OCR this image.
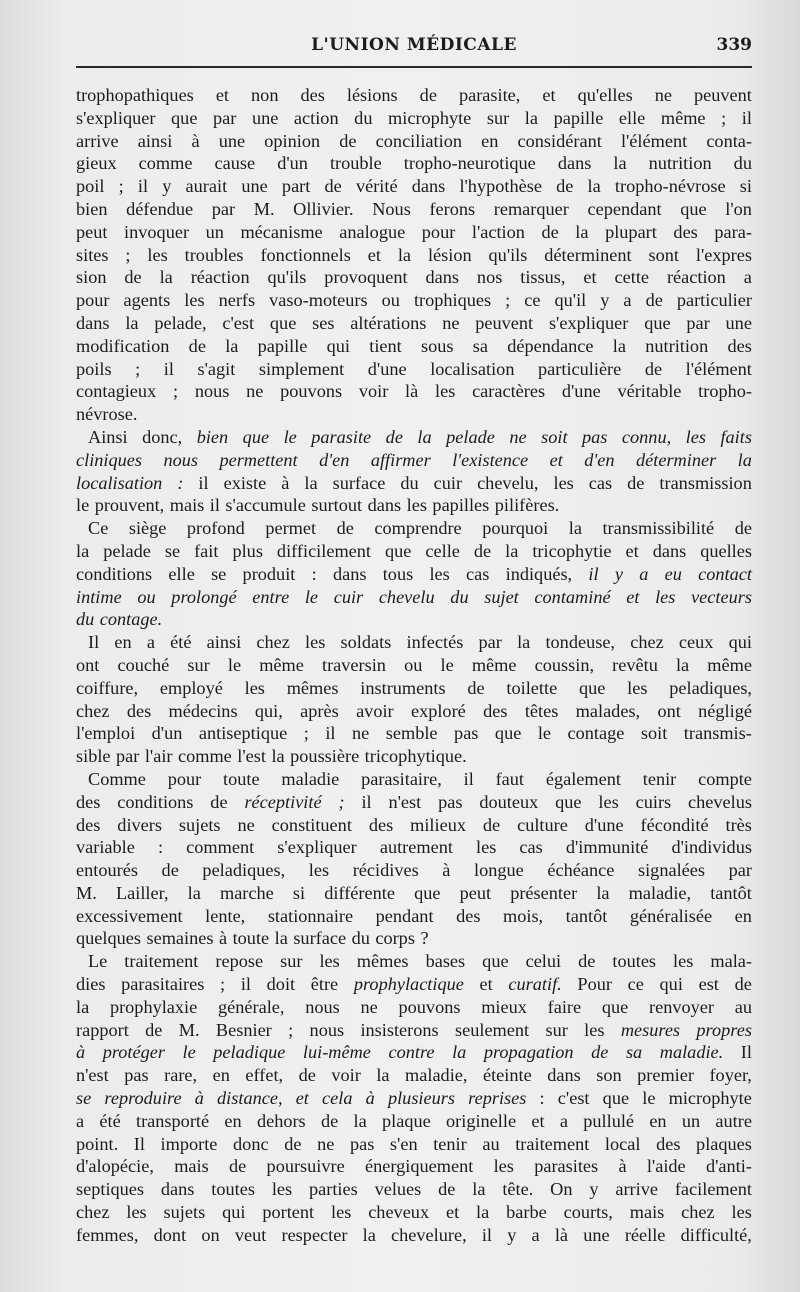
L'UNION MÉDICALE	339
trophopathiques et non des lésions de parasite, et qu'elles ne peuvent
s'expliquer que par une action du microphyte sur la papille elle même ; il
arrive ainsi à une opinion de conciliation en considérant l'élément conta-
gieux comme cause d'un trouble tropho-neurotique dans la nutrition du
poil ; il y aurait une part de vérité dans l'hypothèse de la tropho-névrose si
bien défendue par M. Ollivier. Nous ferons remarquer cependant que l'on
peut invoquer un mécanisme analogue pour l'action de la plupart des para-
sites ; les troubles fonctionnels et la lésion qu'ils déterminent sont l'expres
sion de la réaction qu'ils provoquent dans nos tissus, et cette réaction a
pour agents les nerfs vaso-moteurs ou trophiques ; ce qu'il y a de particulier
dans la pelade, c'est que ses altérations ne peuvent s'expliquer que par une
modification de la papille qui tient sous sa dépendance la nutrition des
poils ; il s'agit simplement d'une localisation particulière de l'élément
contagieux ; nous ne pouvons voir là les caractères d'une véritable tropho-
névrose.
Ainsi donc, bien que le parasite de la pelade ne soit pas connu, les faits
cliniques nous permettent d'en affirmer l'existence et d'en déterminer la
localisation : il existe à la surface du cuir chevelu, les cas de transmission
le prouvent, mais il s'accumule surtout dans les papilles pilifères.
Ce siège profond permet de comprendre pourquoi la transmissibilité de
la pelade se fait plus difficilement que celle de la tricophytie et dans quelles
conditions elle se produit : dans tous les cas indiqués, il y a eu contact
intime ou prolongé entre le cuir chevelu du sujet contaminé et les vecteurs
du contage.
Il en a été ainsi chez les soldats infectés par la tondeuse, chez ceux qui
ont couché sur le même traversin ou le même coussin, revêtu la même
coiffure, employé les mêmes instruments de toilette que les peladiques,
chez des médecins qui, après avoir exploré des têtes malades, ont négligé
l'emploi d'un antiseptique ; il ne semble pas que le contage soit transmis-
sible par l'air comme l'est la poussière tricophytique.
Comme pour toute maladie parasitaire, il faut également tenir compte
des conditions de réceptivité ; il n'est pas douteux que les cuirs chevelus
des divers sujets ne constituent des milieux de culture d'une fécondité très
variable : comment s'expliquer autrement les cas d'immunité d'individus
entourés de peladiques, les récidives à longue échéance signalées par
M. Lailler, la marche si différente que peut présenter la maladie, tantôt
excessivement lente, stationnaire pendant des mois, tantôt généralisée en
quelques semaines à toute la surface du corps ?
Le traitement repose sur les mêmes bases que celui de toutes les mala-
dies parasitaires ; il doit être prophylactique et curatif. Pour ce qui est de
la prophylaxie générale, nous ne pouvons mieux faire que renvoyer au
rapport de M. Besnier ; nous insisterons seulement sur les mesures propres
à protéger le peladique lui-même contre la propagation de sa maladie. Il
n'est pas rare, en effet, de voir la maladie, éteinte dans son premier foyer,
se reproduire à distance, et cela à plusieurs reprises : c'est que le microphyte
a été transporté en dehors de la plaque originelle et a pullulé en un autre
point. Il importe donc de ne pas s'en tenir au traitement local des plaques
d'alopécie, mais de poursuivre énergiquement les parasites à l'aide d'anti-
septiques dans toutes les parties velues de la tête. On y arrive facilement
chez les sujets qui portent les cheveux et la barbe courts, mais chez les
femmes, dont on veut respecter la chevelure, il y a là une réelle difficulté,
